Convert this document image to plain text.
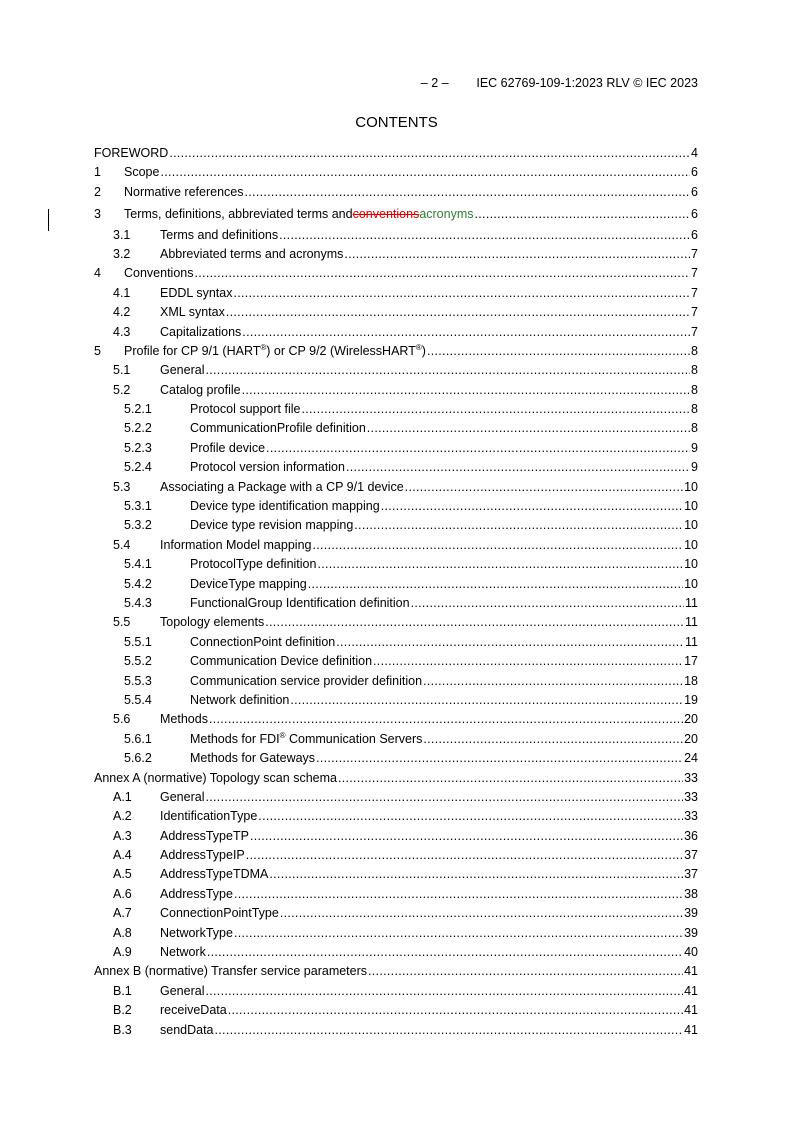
– 2 – IEC 62769-109-1:2023 RLV © IEC 2023
CONTENTS
FOREWORD .....	4
1	Scope .....	6
2	Normative references .....	6
3	Terms, definitions, abbreviated terms and conventions acronyms .....	6
3.1	Terms and definitions .....	6
3.2	Abbreviated terms and acronyms .....	7
4	Conventions .....	7
4.1	EDDL syntax .....	7
4.2	XML syntax .....	7
4.3	Capitalizations .....	7
5	Profile for CP 9/1 (HART®) or CP 9/2 (WirelessHART®) .....	8
5.1	General .....	8
5.2	Catalog profile .....	8
5.2.1	Protocol support file .....	8
5.2.2	CommunicationProfile definition .....	8
5.2.3	Profile device .....	9
5.2.4	Protocol version information .....	9
5.3	Associating a Package with a CP 9/1 device .....	10
5.3.1	Device type identification mapping .....	10
5.3.2	Device type revision mapping .....	10
5.4	Information Model mapping .....	10
5.4.1	ProtocolType definition .....	10
5.4.2	DeviceType mapping .....	10
5.4.3	FunctionalGroup Identification definition .....	11
5.5	Topology elements .....	11
5.5.1	ConnectionPoint definition .....	11
5.5.2	Communication Device definition .....	17
5.5.3	Communication service provider definition .....	18
5.5.4	Network definition .....	19
5.6	Methods .....	20
5.6.1	Methods for FDI® Communication Servers .....	20
5.6.2	Methods for Gateways .....	24
Annex A (normative) Topology scan schema .....	33
A.1	General .....	33
A.2	IdentificationType .....	33
A.3	AddressTypeTP .....	36
A.4	AddressTypeIP .....	37
A.5	AddressTypeTDMA .....	37
A.6	AddressType .....	38
A.7	ConnectionPointType .....	39
A.8	NetworkType .....	39
A.9	Network .....	40
Annex B (normative) Transfer service parameters .....	41
B.1	General .....	41
B.2	receiveData .....	41
B.3	sendData .....	41
